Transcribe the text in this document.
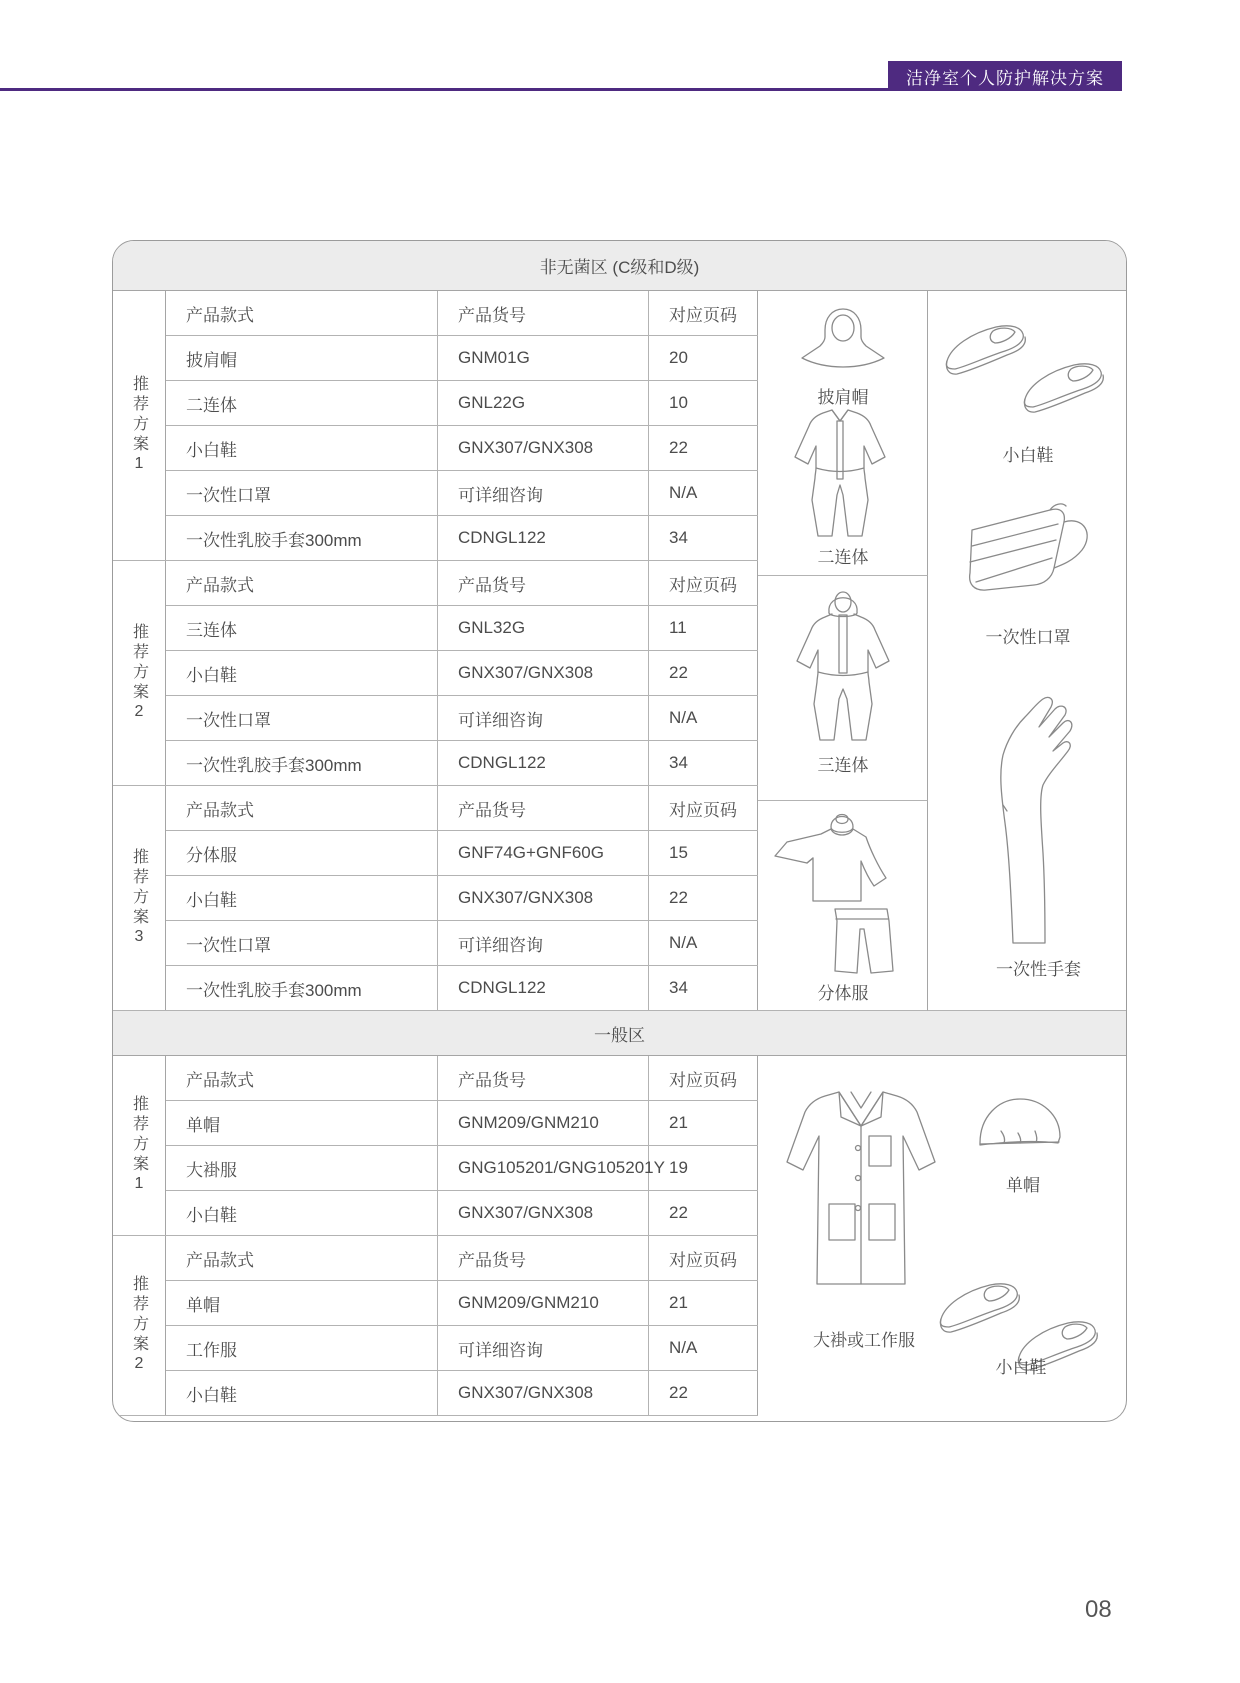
洁净室个人防护解决方案
非无菌区 (C级和D级)
一般区
推荐方案1
产品款式	产品货号	对应页码
披肩帽	GNM01G	20
二连体	GNL22G	10
小白鞋	GNX307/GNX308	22
一次性口罩	可详细咨询	N/A
一次性乳胶手套300mm	CDNGL122	34
推荐方案2
产品款式	产品货号	对应页码
三连体	GNL32G	11
小白鞋	GNX307/GNX308	22
一次性口罩	可详细咨询	N/A
一次性乳胶手套300mm	CDNGL122	34
推荐方案3
产品款式	产品货号	对应页码
分体服	GNF74G+GNF60G	15
小白鞋	GNX307/GNX308	22
一次性口罩	可详细咨询	N/A
一次性乳胶手套300mm	CDNGL122	34
推荐方案1
产品款式	产品货号	对应页码
单帽	GNM209/GNM210	21
大褂服	GNG105201/GNG105201Y 19
小白鞋	GNX307/GNX308	22
推荐方案2
产品款式	产品货号	对应页码
单帽	GNM209/GNM210	21
工作服	可详细咨询	N/A
小白鞋	GNX307/GNX308	22
披肩帽
二连体
三连体
分体服
小白鞋
一次性口罩
一次性手套
大褂或工作服
单帽
小白鞋
08
